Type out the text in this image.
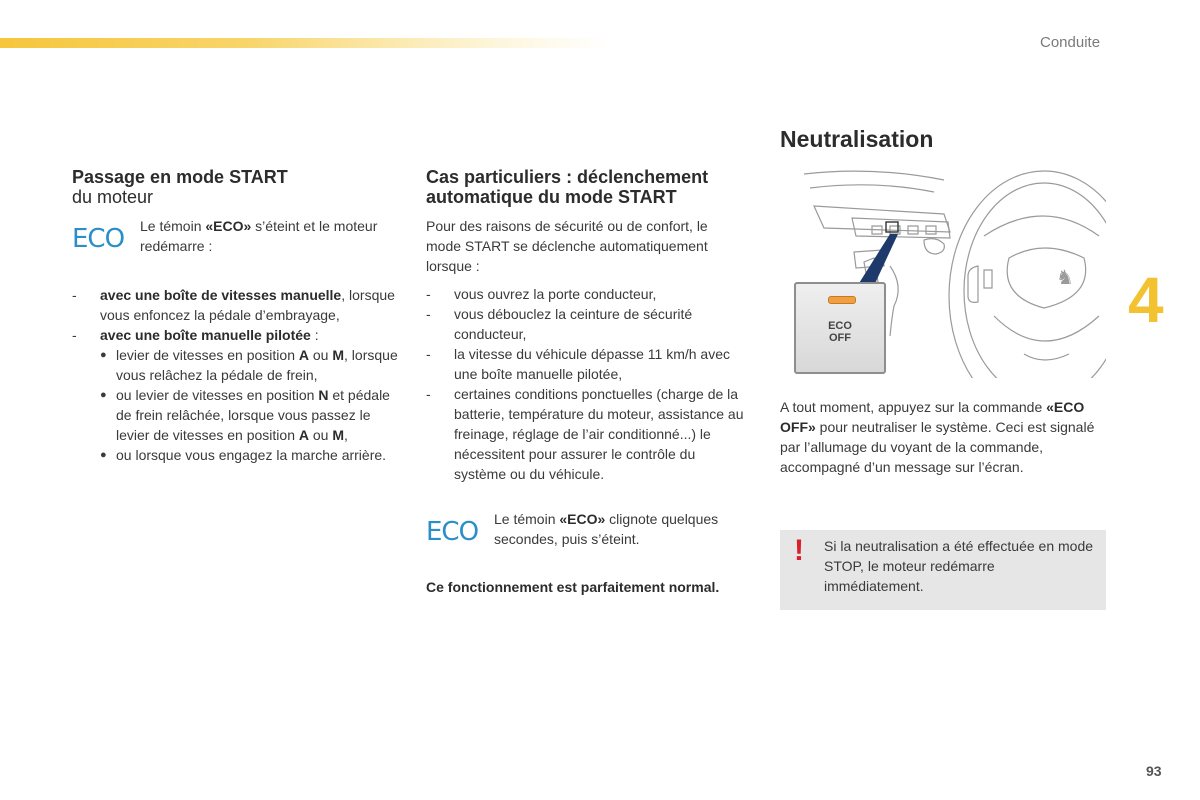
Conduite
4
93
Passage en mode START
du moteur
ECO Le témoin «ECO» s’éteint et le moteur redémarre :
- avec une boîte de vitesses manuelle, lorsque vous enfoncez la pédale d’embrayage,
- avec une boîte manuelle pilotée :
● levier de vitesses en position A ou M, lorsque vous relâchez la pédale de frein,
● ou levier de vitesses en position N et pédale de frein relâchée, lorsque vous passez le levier de vitesses en position A ou M,
● ou lorsque vous engagez la marche arrière.
Cas particuliers : déclenchement
automatique du mode START
Pour des raisons de sécurité ou de confort, le mode START se déclenche automatiquement lorsque :
- vous ouvrez la porte conducteur,
- vous débouclez la ceinture de sécurité conducteur,
- la vitesse du véhicule dépasse 11 km/h avec une boîte manuelle pilotée,
- certaines conditions ponctuelles (charge de la batterie, température du moteur, assistance au freinage, réglage de l’air conditionné...) le nécessitent pour assurer le contrôle du système ou du véhicule.
ECO Le témoin «ECO» clignote quelques secondes, puis s’éteint.
Ce fonctionnement est parfaitement normal.
Neutralisation
♞
ECO
OFF
A tout moment, appuyez sur la commande «ECO OFF» pour neutraliser le système. Ceci est signalé par l’allumage du voyant de la commande, accompagné d’un message sur l’écran.
! Si la neutralisation a été effectuée en mode STOP, le moteur redémarre immédiatement.
